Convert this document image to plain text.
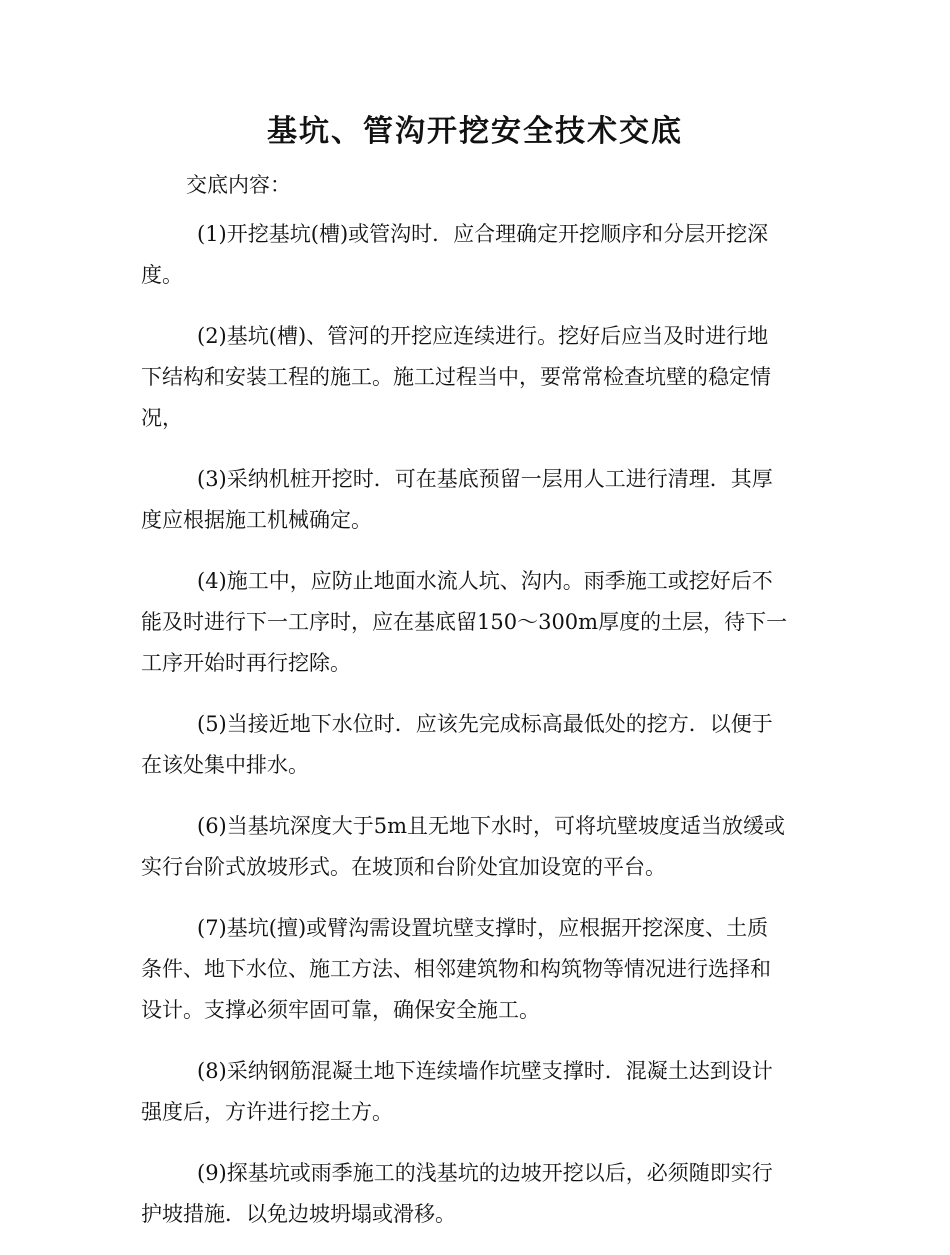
基坑、管沟开挖安全技术交底

交底内容：

(1)开挖基坑(槽)或管沟时．应合理确定开挖顺序和分层开挖深
度。

(2)基坑(槽)、管河的开挖应连续进行。挖好后应当及时进行地
下结构和安装工程的施工。施工过程当中，要常常检查坑壁的稳定情
况，

(3)采纳机桩开挖时．可在基底预留一层用人工进行清理．其厚
度应根据施工机械确定。

(4)施工中，应防止地面水流人坑、沟内。雨季施工或挖好后不
能及时进行下一工序时，应在基底留150～300m厚度的土层，待下一
工序开始时再行挖除。

(5)当接近地下水位时．应该先完成标高最低处的挖方．以便于
在该处集中排水。

(6)当基坑深度大于5m且无地下水时，可将坑壁坡度适当放缓或
实行台阶式放坡形式。在坡顶和台阶处宜加设宽的平台。

(7)基坑(擅)或臂沟需设置坑壁支撑时，应根据开挖深度、土质
条件、地下水位、施工方法、相邻建筑物和构筑物等情况进行选择和
设计。支撑必须牢固可靠，确保安全施工。

(8)采纳钢筋混凝土地下连续墙作坑壁支撑时．混凝土达到设计
强度后，方许进行挖土方。

(9)探基坑或雨季施工的浅基坑的边坡开挖以后，必须随即实行
护坡措施．以免边坡坍塌或滑移。
